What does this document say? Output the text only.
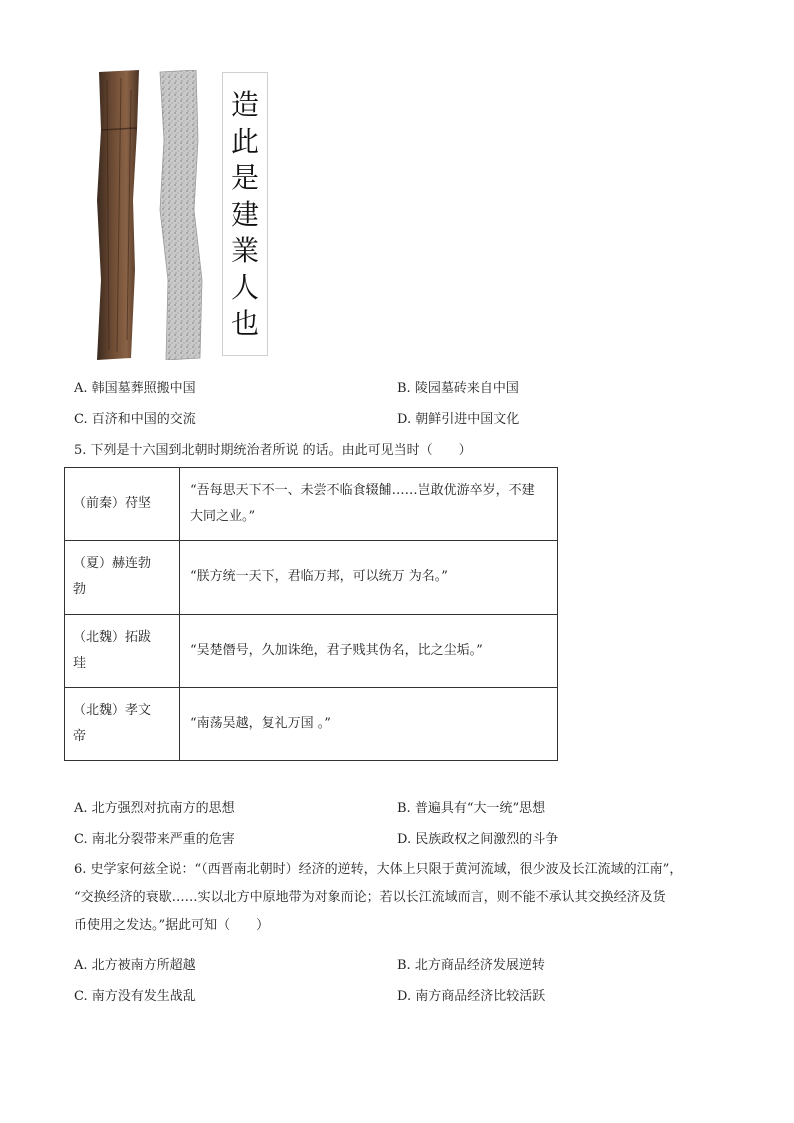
造
此
是
建
業
人
也
A. 韩国墓葬照搬中国	B. 陵园墓砖来自中国
C. 百济和中国的交流	D. 朝鲜引进中国文化
5. 下列是十六国到北朝时期统治者所说 的话。由此可见当时（　　）
（前秦）苻坚	“吾每思天下不一、未尝不临食辍餔……岂敢优游卒岁，不建
大同之业。”

（夏）赫连勃
勃	“朕方统一天下，君临万邦，可以统万 为名。”

（北魏）拓跋
珪	“吴楚僭号，久加诛绝，君子贱其伪名，比之尘垢。”

（北魏）孝文
帝	“南荡吴越，复礼万国 。”
A. 北方强烈对抗南方的思想	B. 普遍具有“大一统”思想
C. 南北分裂带来严重的危害	D. 民族政权之间激烈的斗争
6. 史学家何兹全说：“（西晋南北朝时）经济的逆转，大体上只限于黄河流域，很少波及长江流域的江南”，
“交换经济的衰歇……实以北方中原地带为对象而论；若以长江流域而言，则不能不承认其交换经济及货
币使用之发达。”据此可知（　　）
A. 北方被南方所超越	B. 北方商品经济发展逆转
C. 南方没有发生战乱	D. 南方商品经济比较活跃
